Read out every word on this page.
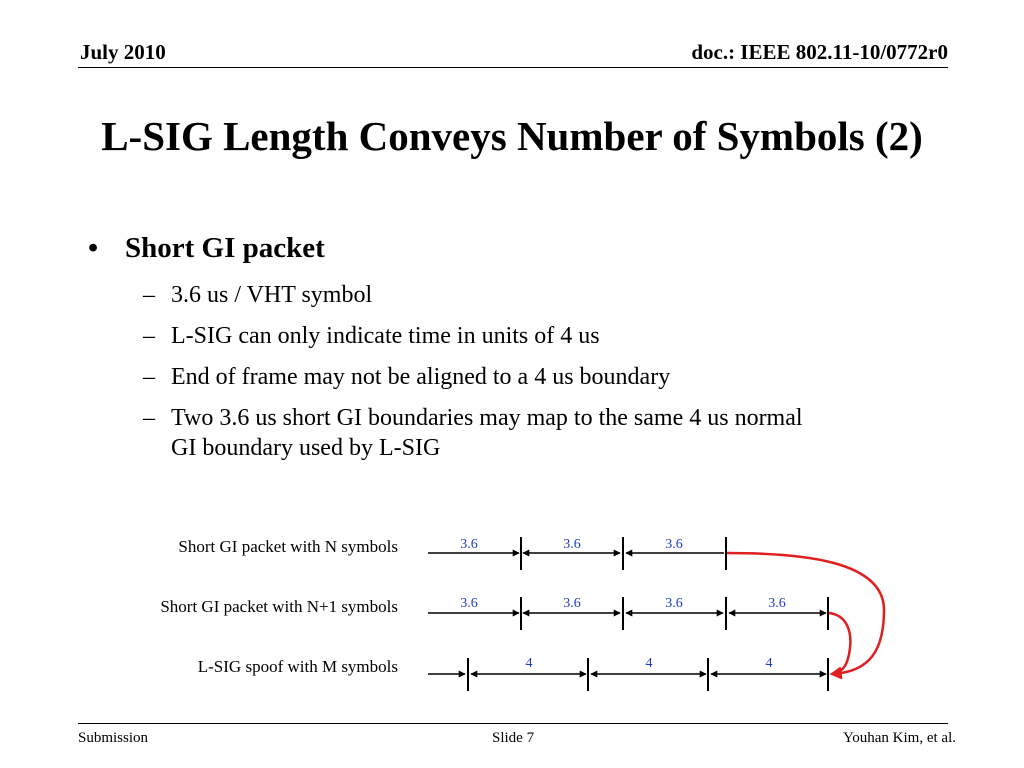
July 2010	doc.: IEEE 802.11-10/0772r0
L-SIG Length Conveys Number of Symbols (2)
• Short GI packet
– 3.6 us / VHT symbol
– L-SIG can only indicate time in units of 4 us
– End of frame may not be aligned to a 4 us boundary
– Two 3.6 us short GI boundaries may map to the same 4 us normal GI boundary used by L-SIG
Short GI packet with N symbols
Short GI packet with N+1 symbols
L-SIG spoof with M symbols
3.6	3.6	3.6
3.6	3.6	3.6	3.6
4	4	4
Submission	Slide 7	Youhan Kim, et al.
